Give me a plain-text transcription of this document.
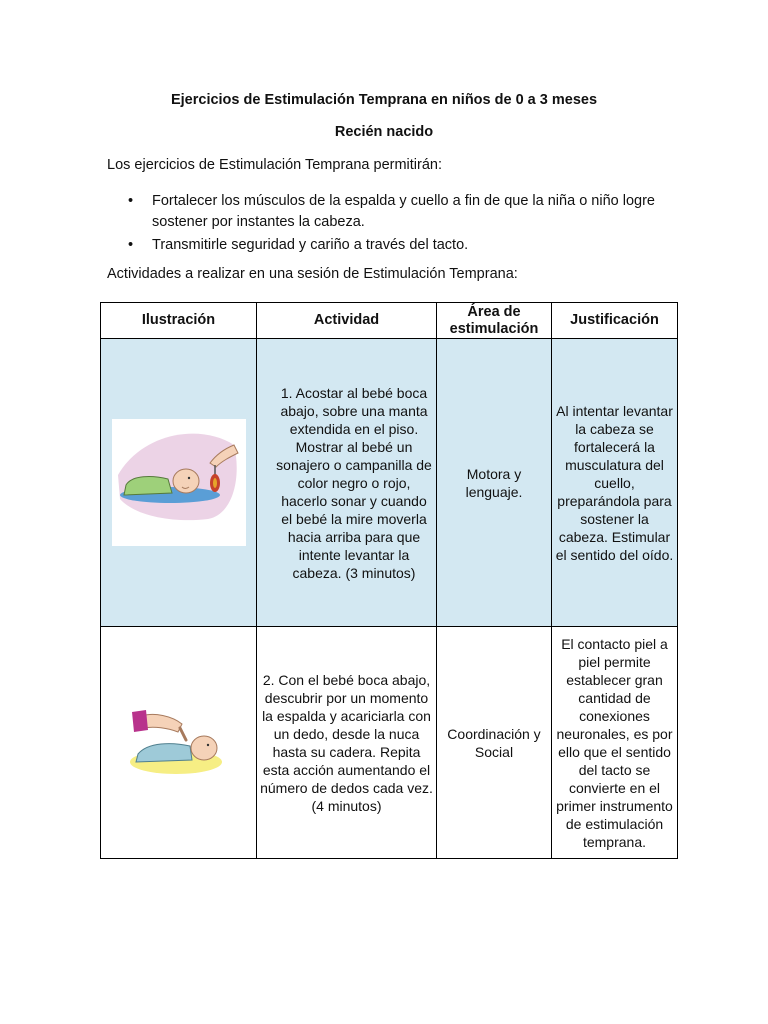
Ejercicios de Estimulación Temprana en niños de 0 a 3 meses
Recién nacido
Los ejercicios de Estimulación Temprana permitirán:
• Fortalecer los músculos de la espalda y cuello a fin de que la niña o niño logre sostener por instantes la cabeza.
• Transmitirle seguridad y cariño a través del tacto.
Actividades a realizar en una sesión de Estimulación Temprana:
Ilustración	Actividad	Área de estimulación	Justificación

	1. Acostar al bebé boca abajo, sobre una manta extendida en el piso. Mostrar al bebé un sonajero o campanilla de color negro o rojo, hacerlo sonar y cuando el bebé la mire moverla hacia arriba para que intente levantar la cabeza. (3 minutos)	Motora y lenguaje.	Al intentar levantar la cabeza se fortalecerá la musculatura del cuello, preparándola para sostener la cabeza. Estimular el sentido del oído.

	2. Con el bebé boca abajo, descubrir por un momento la espalda y acariciarla con un dedo, desde la nuca hasta su cadera. Repita esta acción aumentando el número de dedos cada vez. (4 minutos)	Coordinación y Social	El contacto piel a piel permite establecer gran cantidad de conexiones neuronales, es por ello que el sentido del tacto se convierte en el primer instrumento de estimulación temprana.
